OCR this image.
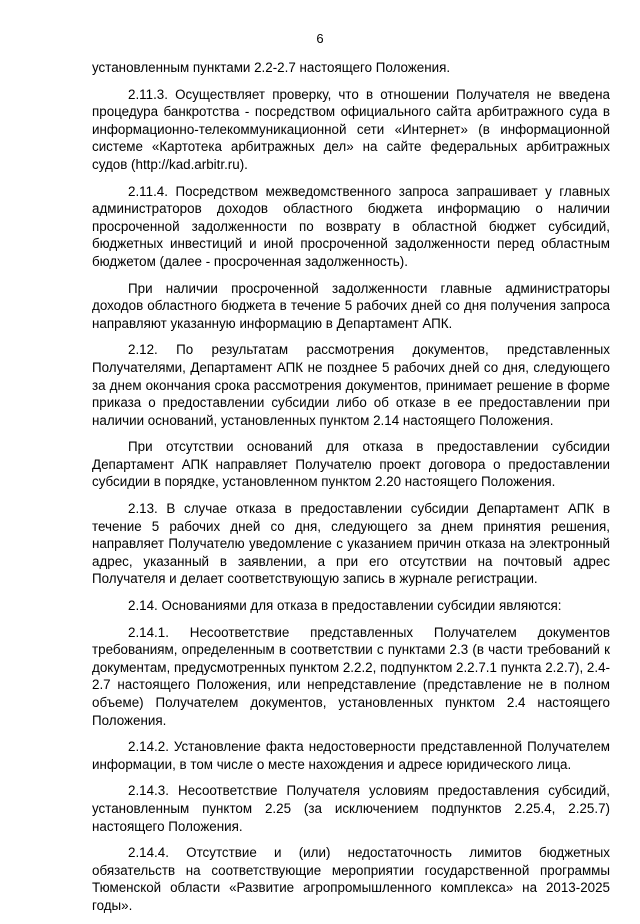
6

установленным пунктами 2.2-2.7 настоящего Положения.

2.11.3. Осуществляет проверку, что в отношении Получателя не введена процедура банкротства - посредством официального сайта арбитражного суда в информационно-телекоммуникационной сети «Интернет» (в информационной системе «Картотека арбитражных дел» на сайте федеральных арбитражных судов (http://kad.arbitr.ru).

2.11.4. Посредством межведомственного запроса запрашивает у главных администраторов доходов областного бюджета информацию о наличии просроченной задолженности по возврату в областной бюджет субсидий, бюджетных инвестиций и иной просроченной задолженности перед областным бюджетом (далее - просроченная задолженность).

При наличии просроченной задолженности главные администраторы доходов областного бюджета в течение 5 рабочих дней со дня получения запроса направляют указанную информацию в Департамент АПК.

2.12. По результатам рассмотрения документов, представленных Получателями, Департамент АПК не позднее 5 рабочих дней со дня, следующего за днем окончания срока рассмотрения документов, принимает решение в форме приказа о предоставлении субсидии либо об отказе в ее предоставлении при наличии оснований, установленных пунктом 2.14 настоящего Положения.

При отсутствии оснований для отказа в предоставлении субсидии Департамент АПК направляет Получателю проект договора о предоставлении субсидии в порядке, установленном пунктом 2.20 настоящего Положения.

2.13. В случае отказа в предоставлении субсидии Департамент АПК в течение 5 рабочих дней со дня, следующего за днем принятия решения, направляет Получателю уведомление с указанием причин отказа на электронный адрес, указанный в заявлении, а при его отсутствии на почтовый адрес Получателя и делает соответствующую запись в журнале регистрации.

2.14. Основаниями для отказа в предоставлении субсидии являются:

2.14.1. Несоответствие представленных Получателем документов требованиям, определенным в соответствии с пунктами 2.3 (в части требований к документам, предусмотренных пунктом 2.2.2, подпунктом 2.2.7.1 пункта 2.2.7), 2.4-2.7 настоящего Положения, или непредставление (представление не в полном объеме) Получателем документов, установленных пунктом 2.4 настоящего Положения.

2.14.2. Установление факта недостоверности представленной Получателем информации, в том числе о месте нахождения и адресе юридического лица.

2.14.3. Несоответствие Получателя условиям предоставления субсидий, установленным пунктом 2.25 (за исключением подпунктов 2.25.4, 2.25.7) настоящего Положения.

2.14.4. Отсутствие и (или) недостаточность лимитов бюджетных обязательств на соответствующие мероприятии государственной программы Тюменской области «Развитие агропромышленного комплекса» на 2013-2025 годы».
